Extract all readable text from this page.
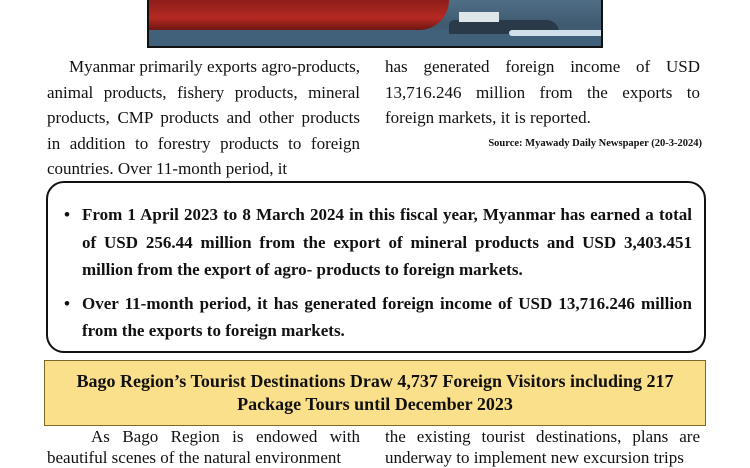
Myanmar primarily exports agro-products, animal products, fishery products, mineral products, CMP products and other products in addition to forestry products to foreign countries. Over 11-month period, it

has generated foreign income of USD 13,716.246 million from the exports to foreign markets, it is reported.

Source: Myawady Daily Newspaper (20-3-2024)
• From 1 April 2023 to 8 March 2024 in this fiscal year, Myanmar has earned a total of USD 256.44 million from the export of mineral products and USD 3,403.451 million from the export of agro- products to foreign markets.
• Over 11-month period, it has generated foreign income of USD 13,716.246 million from the exports to foreign markets.
Bago Region’s Tourist Destinations Draw 4,737 Foreign Visitors including 217 Package Tours until December 2023

As Bago Region is endowed with beautiful scenes of the natural environment

the existing tourist destinations, plans are underway to implement new excursion trips
